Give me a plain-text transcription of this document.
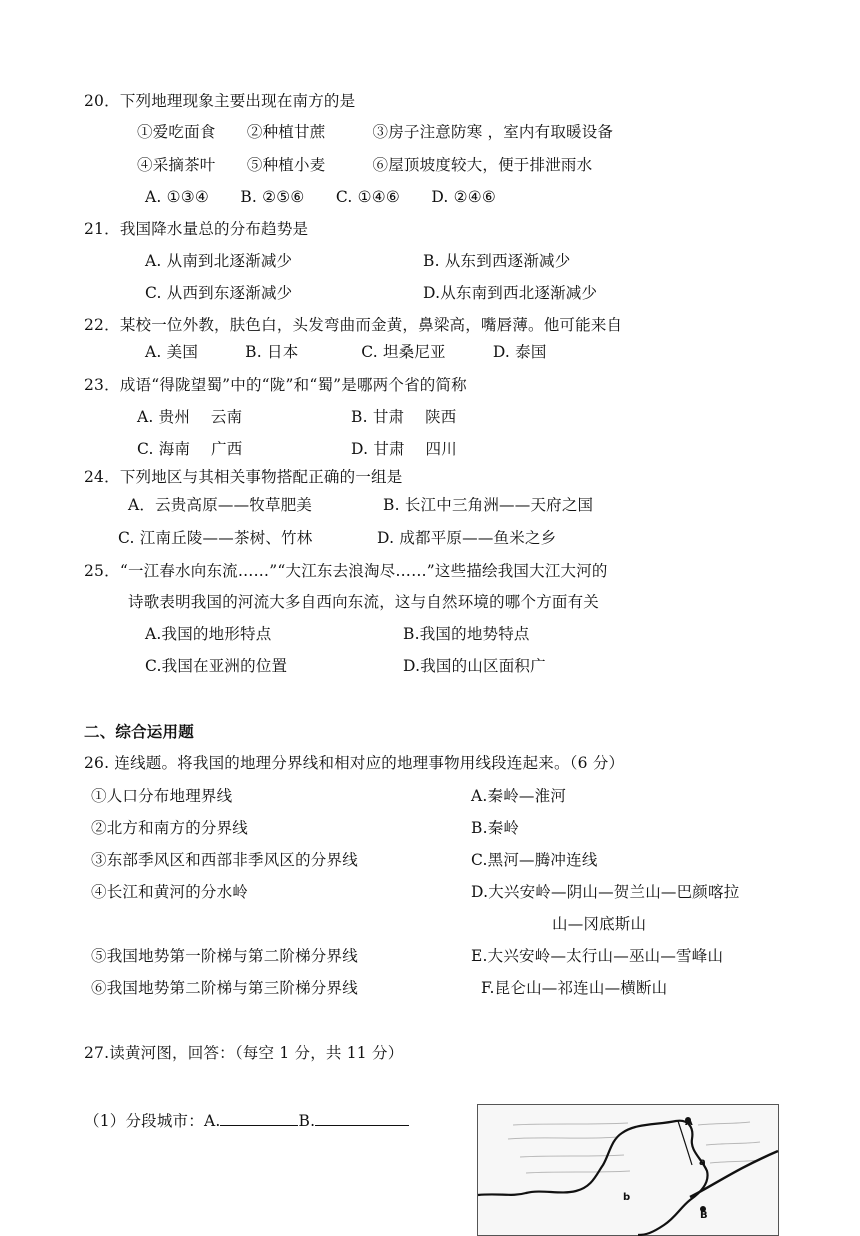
20．下列地理现象主要出现在南方的是
①爱吃面食　　②种植甘蔗　　　③房子注意防寒 ，室内有取暖设备
④采摘茶叶　　⑤种植小麦　　　⑥屋顶坡度较大，便于排泄雨水
A. ①③④　　B. ②⑤⑥　　C. ①④⑥　　D. ②④⑥
21．我国降水量总的分布趋势是
A. 从南到北逐渐减少	B. 从东到西逐渐减少
C. 从西到东逐渐减少	D.从东南到西北逐渐减少
22．某校一位外教，肤色白，头发弯曲而金黄，鼻梁高，嘴唇薄。他可能来自
A. 美国　　　B. 日本　　　　C. 坦桑尼亚　　　D. 泰国
23．成语“得陇望蜀”中的“陇”和“蜀”是哪两个省的简称
A. 贵州　 云南	B. 甘肃　 陕西
C. 海南　 广西	D. 甘肃　 四川
24．下列地区与其相关事物搭配正确的一组是
A．云贵高原——牧草肥美	B. 长江中三角洲——天府之国
C. 江南丘陵——茶树、竹林	D. 成都平原——鱼米之乡
25．“一江春水向东流……”“大江东去浪淘尽……”这些描绘我国大江大河的
诗歌表明我国的河流大多自西向东流，这与自然环境的哪个方面有关
A.我国的地形特点	B.我国的地势特点
C.我国在亚洲的位置	D.我国的山区面积广
二、综合运用题
26. 连线题。将我国的地理分界线和相对应的地理事物用线段连起来。（6 分）
①人口分布地理界线	A.秦岭—淮河
②北方和南方的分界线	B.秦岭
③东部季风区和西部非季风区的分界线	C.黑河—腾冲连线
④长江和黄河的分水岭	D.大兴安岭—阴山—贺兰山—巴颜喀拉
山—冈底斯山
⑤我国地势第一阶梯与第二阶梯分界线	E.大兴安岭—太行山—巫山—雪峰山
⑥我国地势第二阶梯与第三阶梯分界线	F.昆仑山—祁连山—横断山
27.读黄河图，回答：（每空 1 分，共 11 分）
（1）分段城市：A.	B.	A
a
b
B
